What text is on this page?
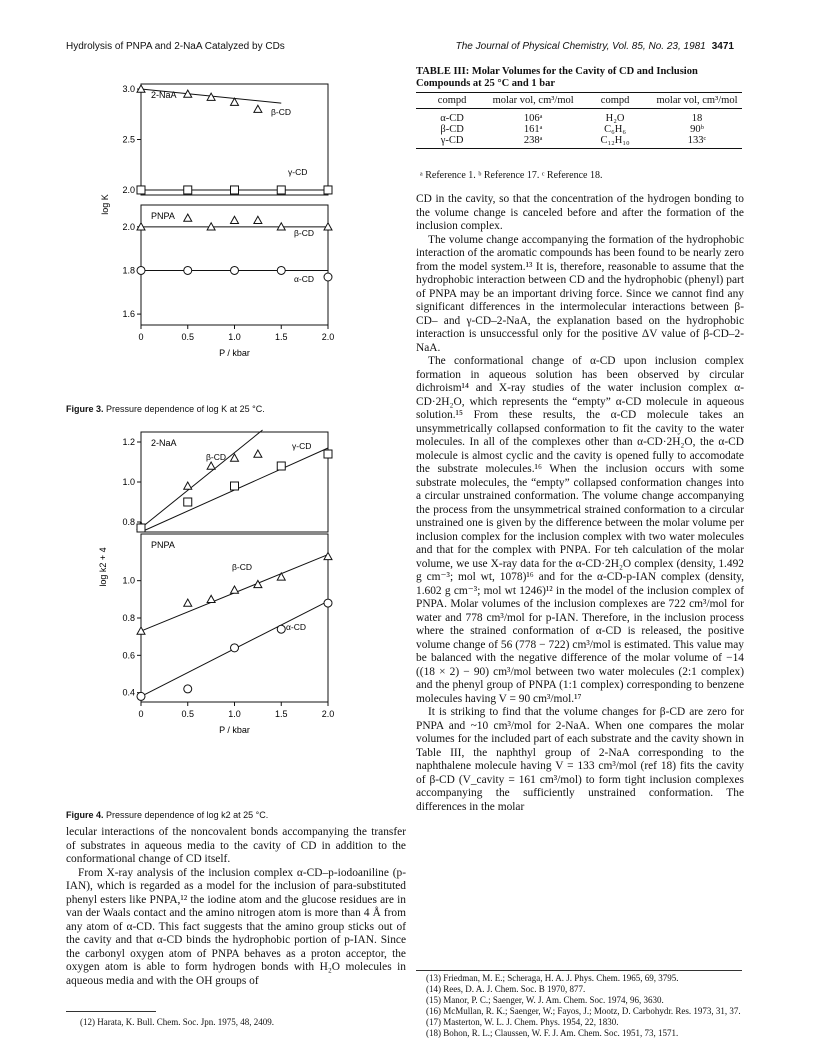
Hydrolysis of PNPA and 2-NaA Catalyzed by CDs	The Journal of Physical Chemistry, Vol. 85, No. 23, 1981 3471
3.0
2.5
2.0
2-NaA
β-CD
γ-CD
2.0
1.8
1.6
PNPA
β-CD
α-CD
0	0.5	1.0	1.5	2.0
P / kbar
log K
Figure 3. Pressure dependence of log K at 25 °C.
1.2
1.0
0.8
2-NaA
β-CD
γ-CD
1.0
0.8
0.6
0.4
PNPA
β-CD
α-CD
0	0.5	1.0	1.5	2.0
P / kbar
log k2 + 4
Figure 4. Pressure dependence of log k2 at 25 °C.

lecular interactions of the noncovalent bonds accompanying the transfer of substrates in aqueous media to the cavity of CD in addition to the conformational change of CD itself.

From X-ray analysis of the inclusion complex α-CD–p-iodoaniline (p-IAN), which is regarded as a model for the inclusion of para-substituted phenyl esters like PNPA,¹² the iodine atom and the glucose residues are in van der Waals contact and the amino nitrogen atom is more than 4 Å from any atom of α-CD. This fact suggests that the amino group sticks out of the cavity and that α-CD binds the hydrophobic portion of p-IAN. Since the carbonyl oxygen atom of PNPA behaves as a proton acceptor, the oxygen atom is able to form hydrogen bonds with H₂O molecules in aqueous media and with the OH groups of

(12) Harata, K. Bull. Chem. Soc. Jpn. 1975, 48, 2409.
TABLE III: Molar Volumes for the Cavity of CD and Inclusion Compounds at 25 °C and 1 bar
compd	molar vol, cm³/mol	compd	molar vol, cm³/mol
α-CD	106ᵃ	H₂O	18
β-CD	161ᵃ	C₆H₆	90ᵇ
γ-CD	238ᵃ	C₁₂H₁₀	133ᶜ
ᵃ Reference 1. ᵇ Reference 17. ᶜ Reference 18.

CD in the cavity, so that the concentration of the hydrogen bonding to the volume change is canceled before and after the formation of the inclusion complex.

The volume change accompanying the formation of the hydrophobic interaction of the aromatic compounds has been found to be nearly zero from the model system.¹³ It is, therefore, reasonable to assume that the hydrophobic interaction between CD and the hydrophobic (phenyl) part of PNPA may be an important driving force. Since we cannot find any significant differences in the intermolecular interactions between β-CD– and γ-CD–2-NaA, the explanation based on the hydrophobic interaction is unsuccessful only for the positive ΔV value of β-CD–2-NaA.

The conformational change of α-CD upon inclusion complex formation in aqueous solution has been observed by circular dichroism¹⁴ and X-ray studies of the water inclusion complex α-CD·2H₂O, which represents the “empty” α-CD molecule in aqueous solution.¹⁵ From these results, the α-CD molecule takes an unsymmetrically collapsed conformation to fit the cavity to the water molecules. In all of the complexes other than α-CD·2H₂O, the α-CD molecule is almost cyclic and the cavity is opened fully to accomodate the substrate molecules.¹⁶ When the inclusion occurs with some substrate molecules, the “empty” collapsed conformation changes into a circular unstrained conformation. The volume change accompanying the process from the unsymmetrical strained conformation to a circular unstrained one is given by the difference between the molar volume per inclusion complex for the inclusion complex with two water molecules and that for the complex with PNPA. For teh calculation of the molar volume, we use X-ray data for the α-CD·2H₂O complex (density, 1.492 g cm⁻³; mol wt, 1078)¹⁶ and for the α-CD-p-IAN complex (density, 1.602 g cm⁻³; mol wt 1246)¹² in the model of the inclusion complex of PNPA. Molar volumes of the inclusion complexes are 722 cm³/mol for water and 778 cm³/mol for p-IAN. Therefore, in the inclusion process where the strained conformation of α-CD is released, the positive volume change of 56 (778 − 722) cm³/mol is estimated. This value may be balanced with the negative difference of the molar volume of −14 ((18 × 2) − 90) cm³/mol between two water molecules (2:1 complex) and the phenyl group of PNPA (1:1 complex) corresponding to benzene molecules having V = 90 cm³/mol.¹⁷

It is striking to find that the volume changes for β-CD are zero for PNPA and ~10 cm³/mol for 2-NaA. When one compares the molar volumes for the included part of each substrate and the cavity shown in Table III, the naphthyl group of 2-NaA corresponding to the naphthalene molecule having V = 133 cm³/mol (ref 18) fits the cavity of β-CD (V_cavity = 161 cm³/mol) to form tight inclusion complexes accompanying the sufficiently unstrained conformation. The differences in the molar

(13) Friedman, M. E.; Scheraga, H. A. J. Phys. Chem. 1965, 69, 3795.
(14) Rees, D. A. J. Chem. Soc. B 1970, 877.
(15) Manor, P. C.; Saenger, W. J. Am. Chem. Soc. 1974, 96, 3630.
(16) McMullan, R. K.; Saenger, W.; Fayos, J.; Mootz, D. Carbohydr. Res. 1973, 31, 37.
(17) Masterton, W. L. J. Chem. Phys. 1954, 22, 1830.
(18) Bohon, R. L.; Claussen, W. F. J. Am. Chem. Soc. 1951, 73, 1571.
